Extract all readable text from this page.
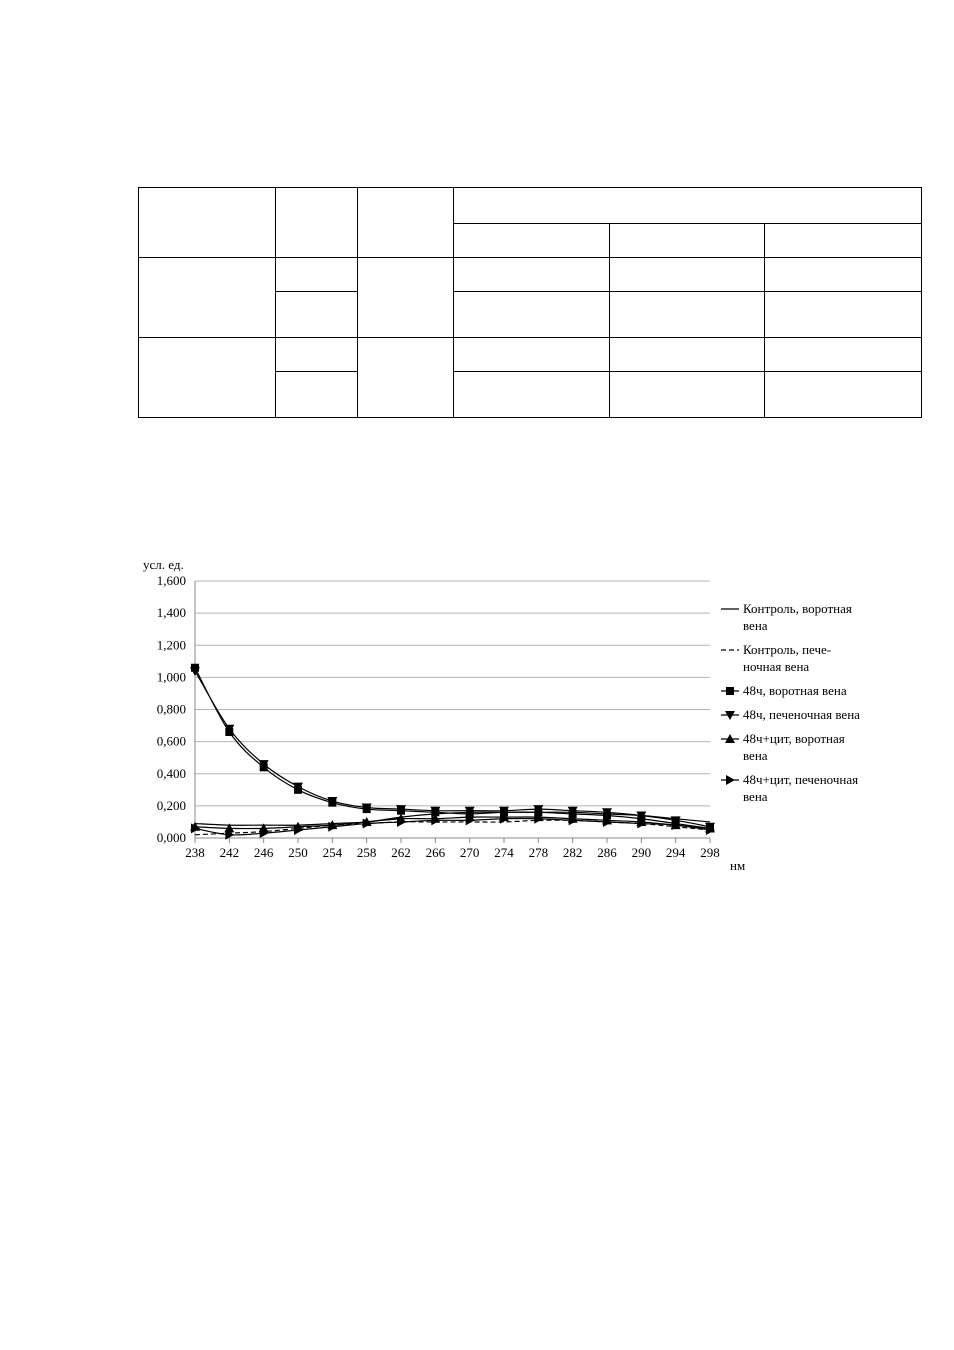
0,000
0,200
0,400
0,600
0,800
1,000
1,200
1,400
1,600
238 242 246 250 254 258 262 266 270 274 278 282 286 290 294 298
усл. ед.
нм
Контроль, воротная
вена
Контроль, пече-
ночная вена
48ч, воротная вена
48ч, печеночная вена
48ч+цит, воротная
вена
48ч+цит, печеночная
вена
